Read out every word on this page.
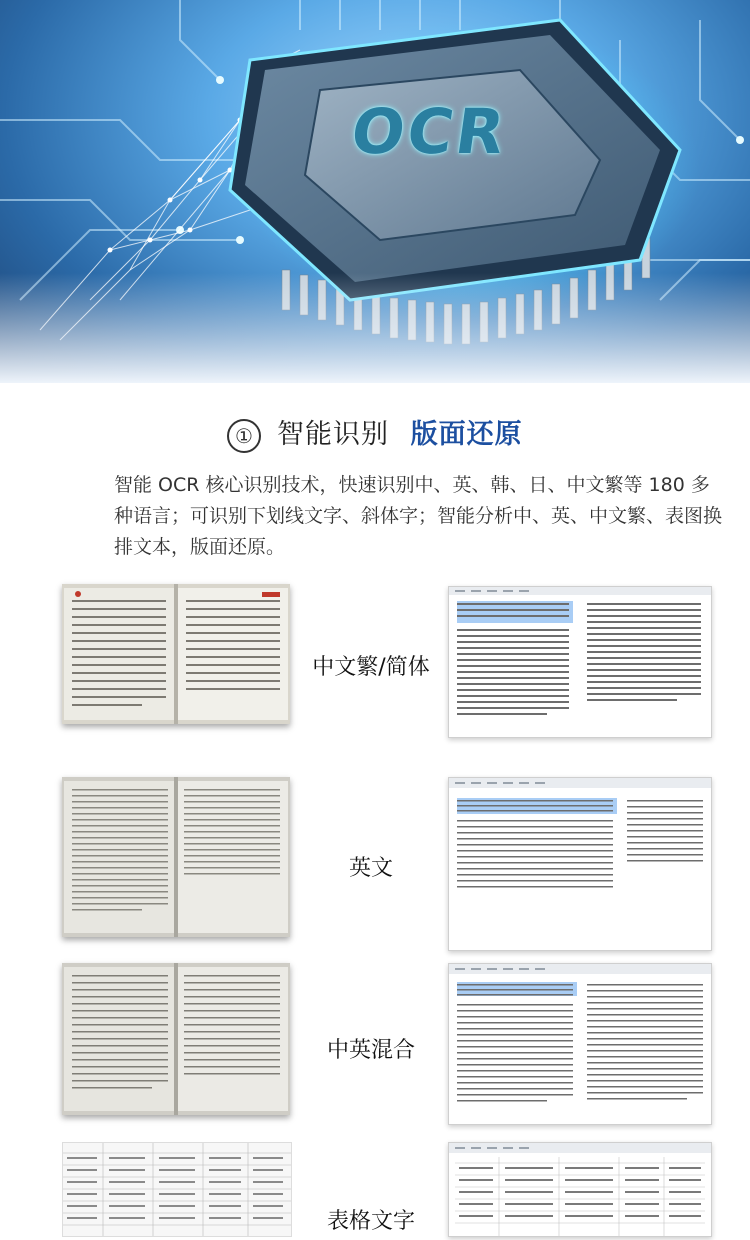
OCR
① 智能识别 版面还原
智能 OCR 核心识别技术，快速识别中、英、韩、日、中文繁等 180 多种语言；可识别下划线文字、斜体字；智能分析中、英、中文繁、表图换排文本，版面还原。
中文繁/简体
英文
中英混合
表格文字
